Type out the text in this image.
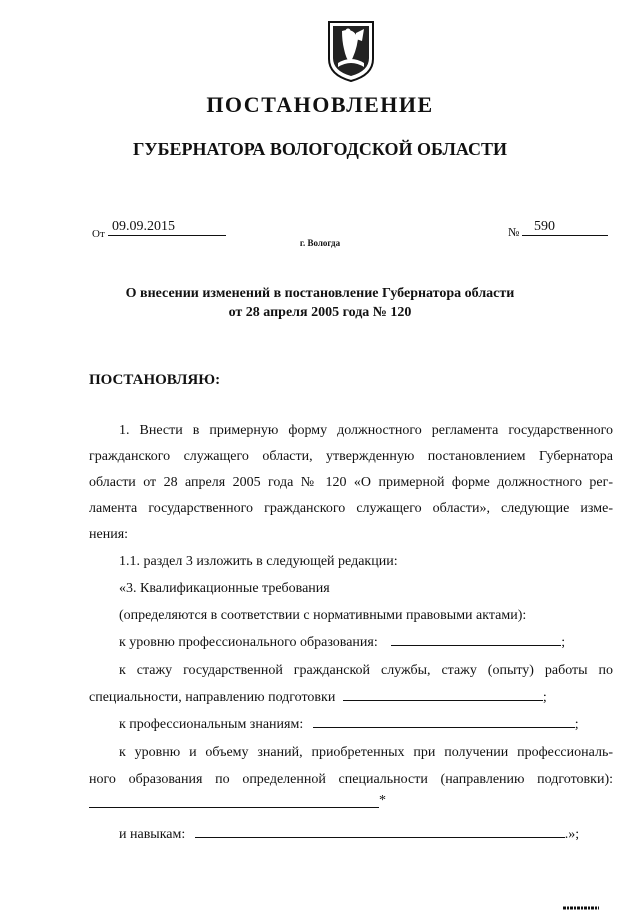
ПОСТАНОВЛЕНИЕ
ГУБЕРНАТОРА ВОЛОГОДСКОЙ ОБЛАСТИ
От 09.09.2015	№	590
г. Вологда
О внесении изменений в постановление Губернатора области
от 28 апреля 2005 года № 120
ПОСТАНОВЛЯЮ:
1. Внести в примерную форму должностного регламента государственного
гражданского служащего области, утвержденную постановлением Губернатора
области от 28 апреля 2005 года № 120 «О примерной форме должностного рег-
ламента государственного гражданского служащего области», следующие изме-
нения:
1.1. раздел 3 изложить в следующей редакции:
«3. Квалификационные требования
(определяются в соответствии с нормативными правовыми актами):
к уровню профессионального образования:	;
к стажу государственной гражданской службы, стажу (опыту) работы по
специальности, направлению подготовки	;
к профессиональным знаниям:	;
к уровню и объему знаний, приобретенных при получении профессиональ-
ного образования по определенной специальности (направлению подготовки):
*
и навыкам:	.»;
